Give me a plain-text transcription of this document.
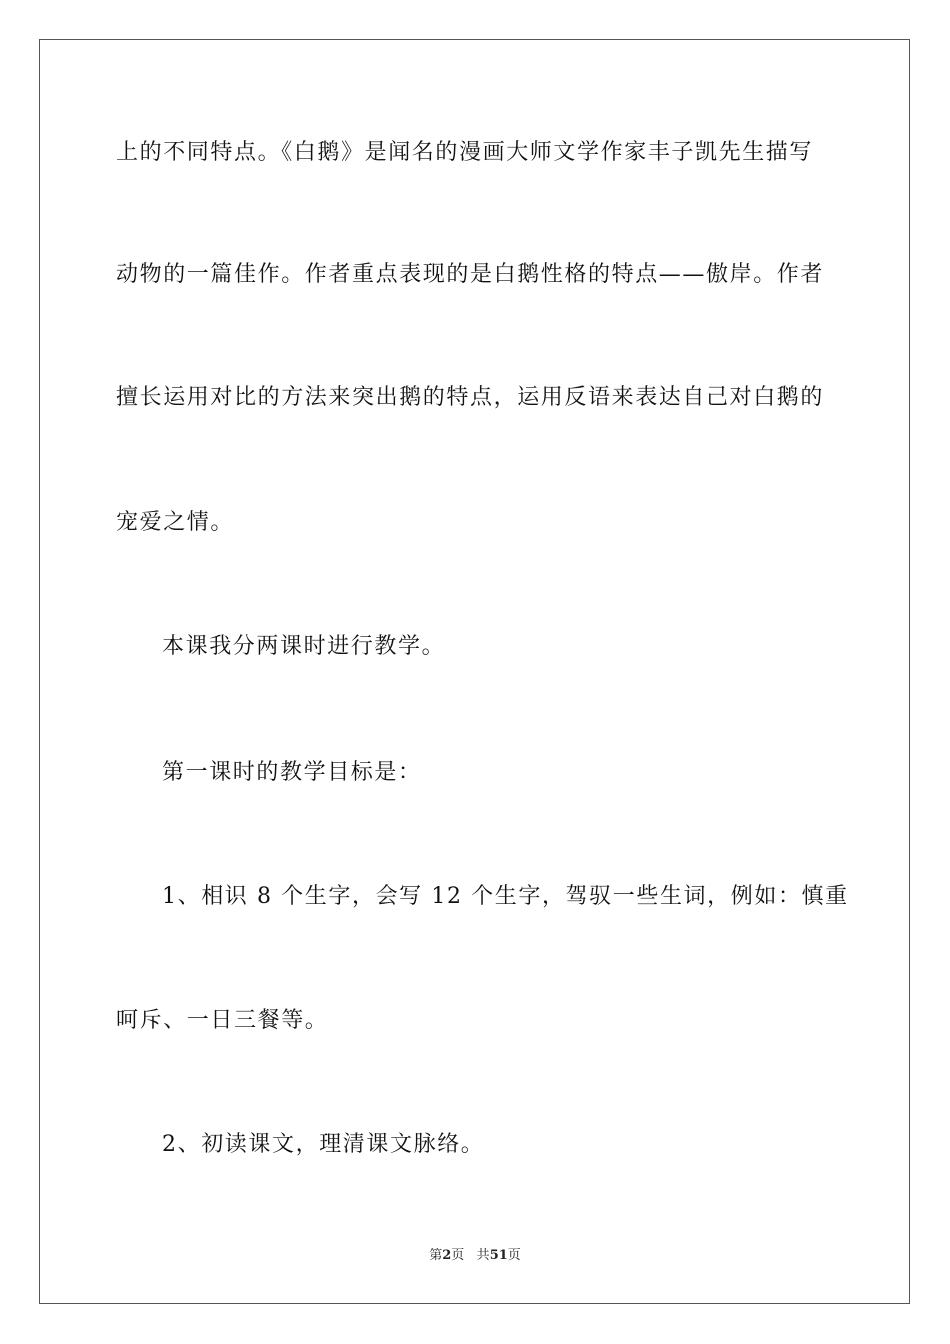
上的不同特点。《白鹅》是闻名的漫画大师文学作家丰子凯先生描写
动物的一篇佳作。作者重点表现的是白鹅性格的特点——傲岸。作者
擅长运用对比的方法来突出鹅的特点，运用反语来表达自己对白鹅的
宠爱之情。
本课我分两课时进行教学。
第一课时的教学目标是：
1、相识 8 个生字，会写 12 个生字，驾驭一些生词，例如：慎重
呵斥、一日三餐等。
2、初读课文，理清课文脉络。
第2页 共51页
